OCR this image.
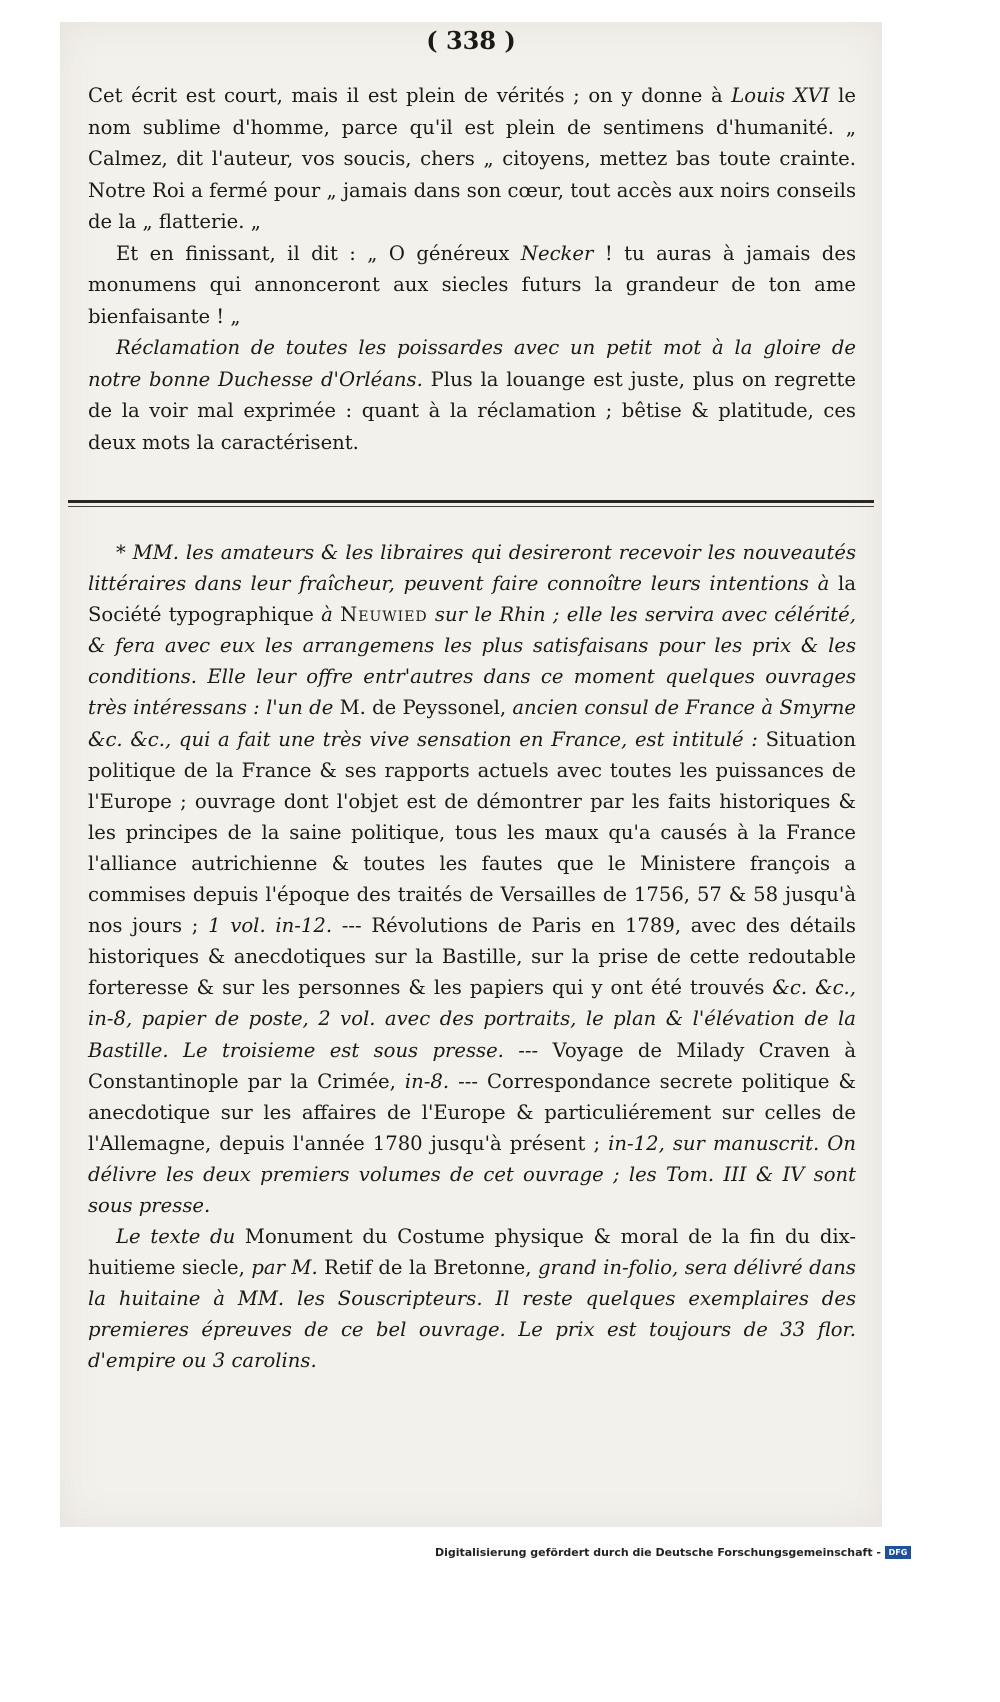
( 338 )

Cet écrit est court, mais il est plein de vérités ; on y donne à Louis XVI le nom sublime d'homme, parce qu'il est plein de sentimens d'humanité. „ Calmez, dit l'auteur, vos soucis, chers „ citoyens, mettez bas toute crainte. Notre Roi a fermé pour „ jamais dans son cœur, tout accès aux noirs conseils de la „ flatterie. „

Et en finissant, il dit : „ O généreux Necker ! tu auras à jamais des monumens qui annonceront aux siecles futurs la grandeur de ton ame bienfaisante ! „

Réclamation de toutes les poissardes avec un petit mot à la gloire de notre bonne Duchesse d'Orléans. Plus la louange est juste, plus on regrette de la voir mal exprimée : quant à la réclamation ; bêtise & platitude, ces deux mots la caractérisent.

* MM. les amateurs & les libraires qui desireront recevoir les nouveautés littéraires dans leur fraîcheur, peuvent faire connoître leurs intentions à la Société typographique à Neuwied sur le Rhin ; elle les servira avec célérité, & fera avec eux les arrangemens les plus satisfaisans pour les prix & les conditions. Elle leur offre entr'autres dans ce moment quelques ouvrages très intéressans : l'un de M. de Peyssonel, ancien consul de France à Smyrne &c. &c., qui a fait une très vive sensation en France, est intitulé : Situation politique de la France & ses rapports actuels avec toutes les puissances de l'Europe ; ouvrage dont l'objet est de démontrer par les faits historiques & les principes de la saine politique, tous les maux qu'a causés à la France l'alliance autrichienne & toutes les fautes que le Ministere françois a commises depuis l'époque des traités de Versailles de 1756, 57 & 58 jusqu'à nos jours ; 1 vol. in-12. --- Révolutions de Paris en 1789, avec des détails historiques & anecdotiques sur la Bastille, sur la prise de cette redoutable forteresse & sur les personnes & les papiers qui y ont été trouvés &c. &c., in-8, papier de poste, 2 vol. avec des portraits, le plan & l'élévation de la Bastille. Le troisieme est sous presse. --- Voyage de Milady Craven à Constantinople par la Crimée, in-8. --- Correspondance secrete politique & anecdotique sur les affaires de l'Europe & particuliérement sur celles de l'Allemagne, depuis l'année 1780 jusqu'à présent ; in-12, sur manuscrit. On délivre les deux premiers volumes de cet ouvrage ; les Tom. III & IV sont sous presse.

Le texte du Monument du Costume physique & moral de la fin du dix-huitieme siecle, par M. Retif de la Bretonne, grand in-folio, sera délivré dans la huitaine à MM. les Souscripteurs. Il reste quelques exemplaires des premieres épreuves de ce bel ouvrage. Le prix est toujours de 33 flor. d'empire ou 3 carolins.

Digitalisierung gefördert durch die Deutsche Forschungsgemeinschaft - DFG
